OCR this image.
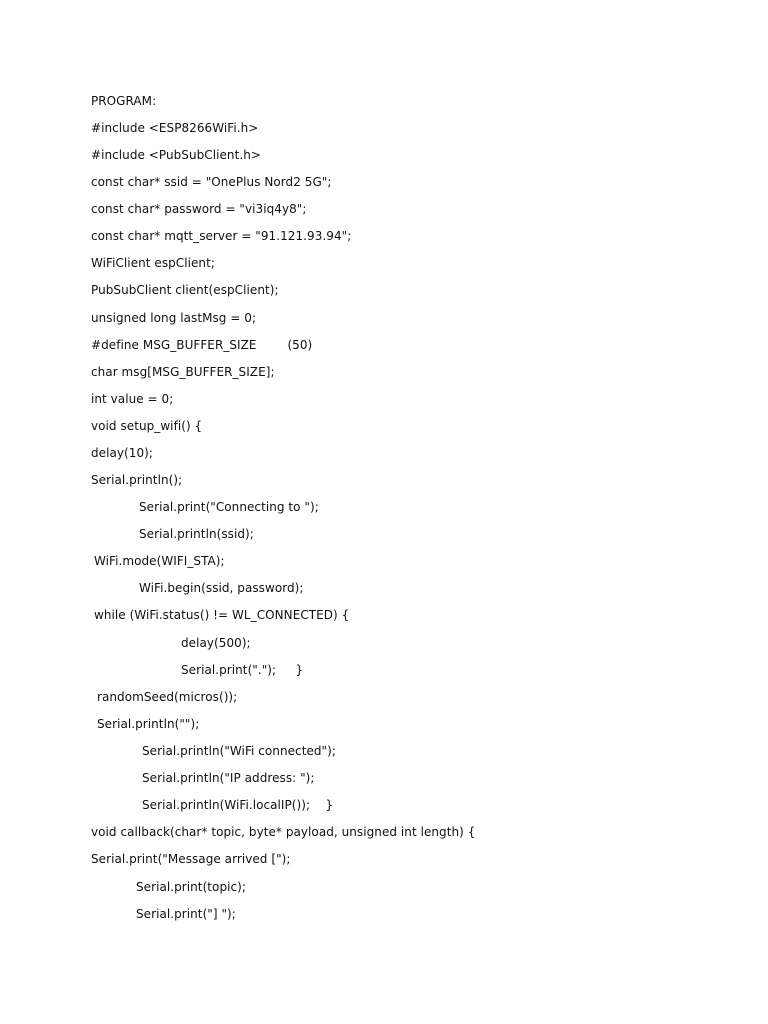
PROGRAM:
#include <ESP8266WiFi.h>
#include <PubSubClient.h>
const char* ssid = "OnePlus Nord2 5G";
const char* password = "vi3iq4y8";
const char* mqtt_server = "91.121.93.94";
WiFiClient espClient;
PubSubClient client(espClient);
unsigned long lastMsg = 0;
#define MSG_BUFFER_SIZE        (50)
char msg[MSG_BUFFER_SIZE];
int value = 0;
void setup_wifi() {
delay(10);
Serial.println();
Serial.print("Connecting to ");
Serial.println(ssid);
WiFi.mode(WIFI_STA);
WiFi.begin(ssid, password);
while (WiFi.status() != WL_CONNECTED) {
delay(500);
Serial.print(".");     }
randomSeed(micros());
Serial.println("");
Serial.println("WiFi connected");
Serial.println("IP address: ");
Serial.println(WiFi.localIP());    }
void callback(char* topic, byte* payload, unsigned int length) {
Serial.print("Message arrived [");
Serial.print(topic);
Serial.print("] ");
